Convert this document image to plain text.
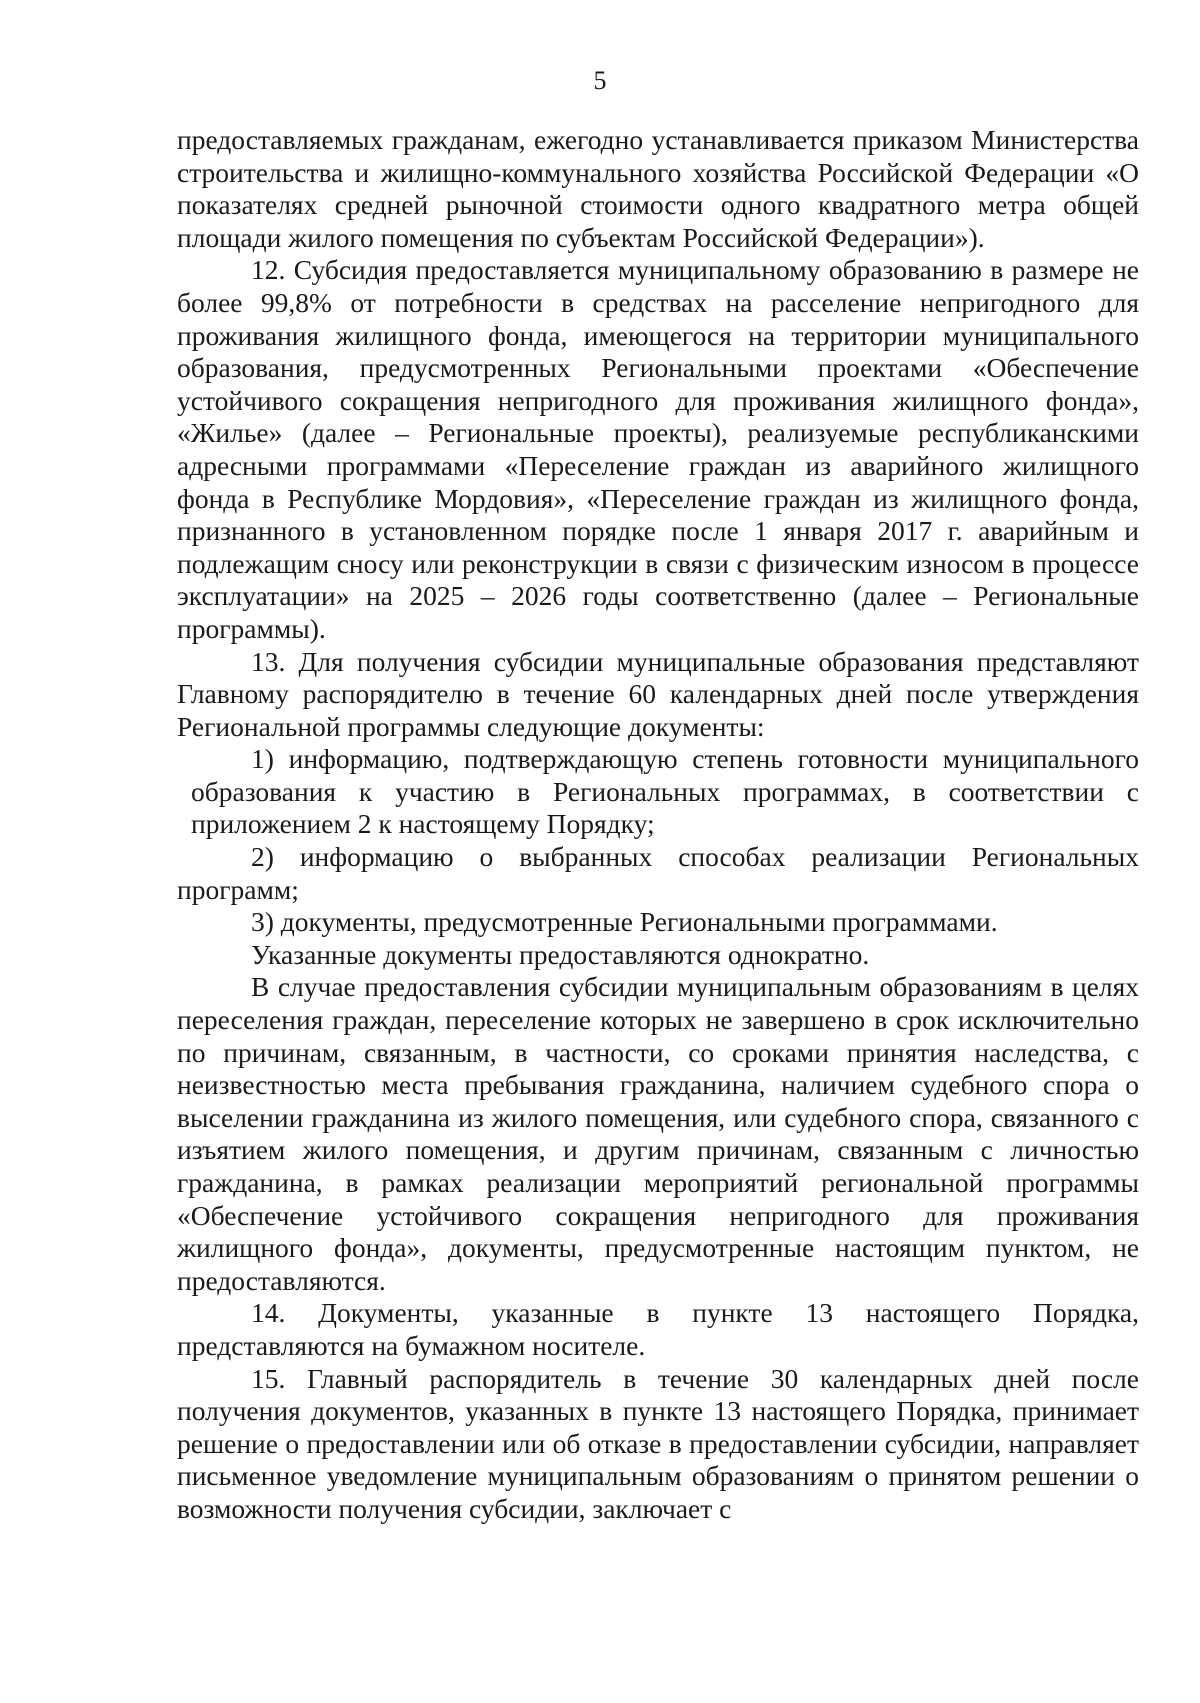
5

предоставляемых гражданам, ежегодно устанавливается приказом Министерства строительства и жилищно-коммунального хозяйства Российской Федерации «О показателях средней рыночной стоимости одного квадратного метра общей площади жилого помещения по субъектам Российской Федерации»).

12. Субсидия предоставляется муниципальному образованию в размере не более 99,8% от потребности в средствах на расселение непригодного для проживания жилищного фонда, имеющегося на территории муниципального образования, предусмотренных Региональными проектами «Обеспечение устойчивого сокращения непригодного для проживания жилищного фонда», «Жилье» (далее – Региональные проекты), реализуемые республиканскими адресными программами «Переселение граждан из аварийного жилищного фонда в Республике Мордовия», «Переселение граждан из жилищного фонда, признанного в установленном порядке после 1 января 2017 г. аварийным и подлежащим сносу или реконструкции в связи с физическим износом в процессе эксплуатации» на 2025 – 2026 годы соответственно (далее – Региональные программы).

13. Для получения субсидии муниципальные образования представляют Главному распорядителю в течение 60 календарных дней после утверждения Региональной программы следующие документы:

1) информацию, подтверждающую степень готовности муниципального образования к участию в Региональных программах, в соответствии с приложением 2 к настоящему Порядку;

2) информацию о выбранных способах реализации Региональных программ;

3) документы, предусмотренные Региональными программами.

Указанные документы предоставляются однократно.

В случае предоставления субсидии муниципальным образованиям в целях переселения граждан, переселение которых не завершено в срок исключительно по причинам, связанным, в частности, со сроками принятия наследства, с неизвестностью места пребывания гражданина, наличием судебного спора о выселении гражданина из жилого помещения, или судебного спора, связанного с изъятием жилого помещения, и другим причинам, связанным с личностью гражданина, в рамках реализации мероприятий региональной программы «Обеспечение устойчивого сокращения непригодного для проживания жилищного фонда», документы, предусмотренные настоящим пунктом, не предоставляются.

14. Документы, указанные в пункте 13 настоящего Порядка, представляются на бумажном носителе.

15. Главный распорядитель в течение 30 календарных дней после получения документов, указанных в пункте 13 настоящего Порядка, принимает решение о предоставлении или об отказе в предоставлении субсидии, направляет письменное уведомление муниципальным образованиям о принятом решении о возможности получения субсидии, заключает с
